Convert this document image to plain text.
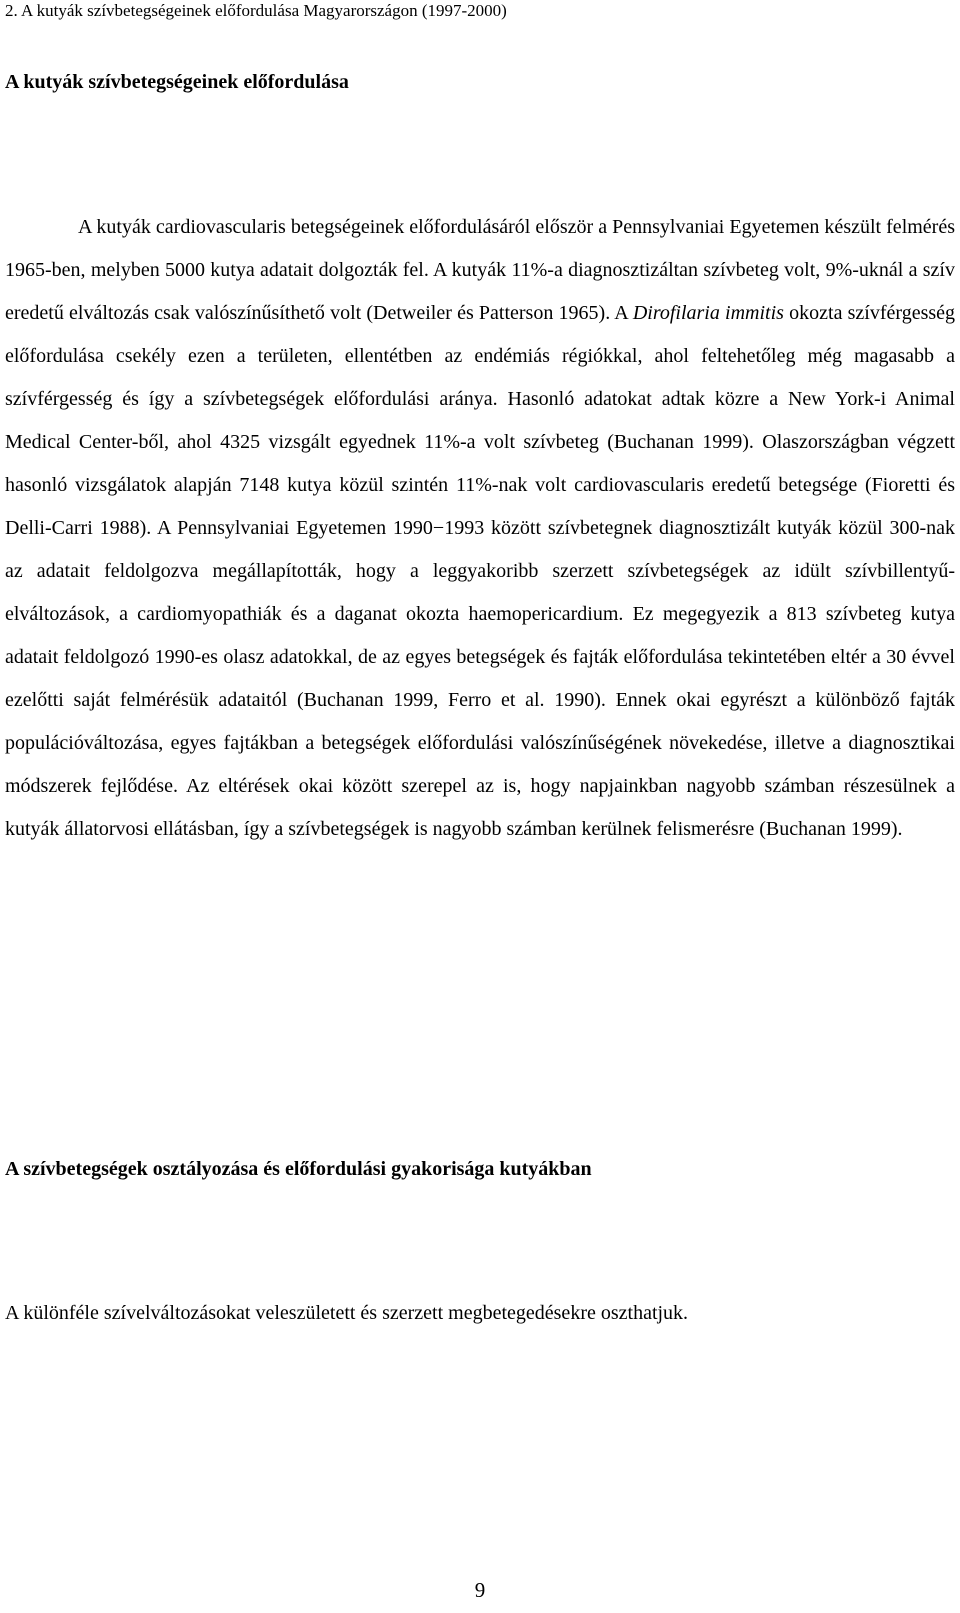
2. A kutyák szívbetegségeinek előfordulása Magyarországon (1997-2000)
A kutyák szívbetegségeinek előfordulása

A kutyák cardiovascularis betegségeinek előfordulásáról először a Pennsylvaniai Egyetemen készült felmérés 1965-ben, melyben 5000 kutya adatait dolgozták fel. A kutyák 11%-a diagnosztizáltan szívbeteg volt, 9%-uknál a szív eredetű elváltozás csak valószínűsíthető volt (Detweiler és Patterson 1965). A Dirofilaria immitis okozta szívférgesség előfordulása csekély ezen a területen, ellentétben az endémiás régiókkal, ahol feltehetőleg még magasabb a szívférgesség és így a szívbetegségek előfordulási aránya. Hasonló adatokat adtak közre a New York-i Animal Medical Center-ből, ahol 4325 vizsgált egyednek 11%-a volt szívbeteg (Buchanan 1999). Olaszországban végzett hasonló vizsgálatok alapján 7148 kutya közül szintén 11%-nak volt cardiovascularis eredetű betegsége (Fioretti és Delli-Carri 1988). A Pennsylvaniai Egyetemen 1990−1993 között szívbetegnek diagnosztizált kutyák közül 300-nak az adatait feldolgozva megállapították, hogy a leggyakoribb szerzett szívbetegségek az idült szívbillentyű-elváltozások, a cardiomyopathiák és a daganat okozta haemopericardium. Ez megegyezik a 813 szívbeteg kutya adatait feldolgozó 1990-es olasz adatokkal, de az egyes betegségek és fajták előfordulása tekintetében eltér a 30 évvel ezelőtti saját felmérésük adataitól (Buchanan 1999, Ferro et al. 1990). Ennek okai egyrészt a különböző fajták populációváltozása, egyes fajtákban a betegségek előfordulási valószínűségének növekedése, illetve a diagnosztikai módszerek fejlődése. Az eltérések okai között szerepel az is, hogy napjainkban nagyobb számban részesülnek a kutyák állatorvosi ellátásban, így a szívbetegségek is nagyobb számban kerülnek felismerésre (Buchanan 1999).

A szívbetegségek osztályozása és előfordulási gyakorisága kutyákban

A különféle szívelváltozásokat veleszületett és szerzett megbetegedésekre oszthatjuk.

9
